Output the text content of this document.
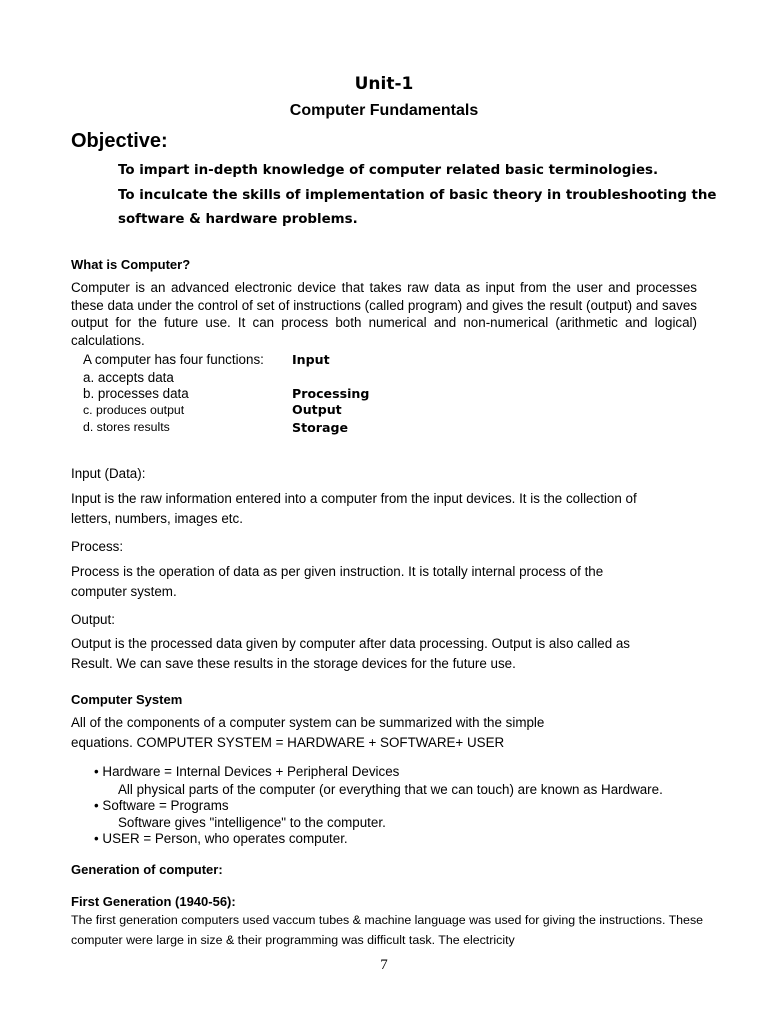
Unit-1
Computer Fundamentals
Objective:
To impart in-depth knowledge of computer related basic terminologies.
To inculcate the skills of implementation of basic theory in troubleshooting the
software & hardware problems.
What is Computer?
Computer is an advanced electronic device that takes raw data as input from the user and processes these data under the control of set of instructions (called program) and gives the result (output) and saves output for the future use. It can process both numerical and non-numerical (arithmetic and logical) calculations.
A computer has four functions:
a. accepts data
b. processes data
c. produces output
d. stores results
Input
Processing
Output
Storage
Input (Data):
Input is the raw information entered into a computer from the input devices. It is the collection of letters, numbers, images etc.
Process:
Process is the operation of data as per given instruction. It is totally internal process of the computer system.
Output:
Output is the processed data given by computer after data processing. Output is also called as Result. We can save these results in the storage devices for the future use.
Computer System
All of the components of a computer system can be summarized with the simple
equations. COMPUTER SYSTEM = HARDWARE + SOFTWARE+ USER
• Hardware = Internal Devices + Peripheral Devices
All physical parts of the computer (or everything that we can touch) are known as Hardware.
• Software = Programs
Software gives "intelligence" to the computer.
• USER = Person, who operates computer.
Generation of computer:
First Generation (1940-56):
The first generation computers used vaccum tubes & machine language was used for giving the instructions. These computer were large in size & their programming was difficult task. The electricity
7
